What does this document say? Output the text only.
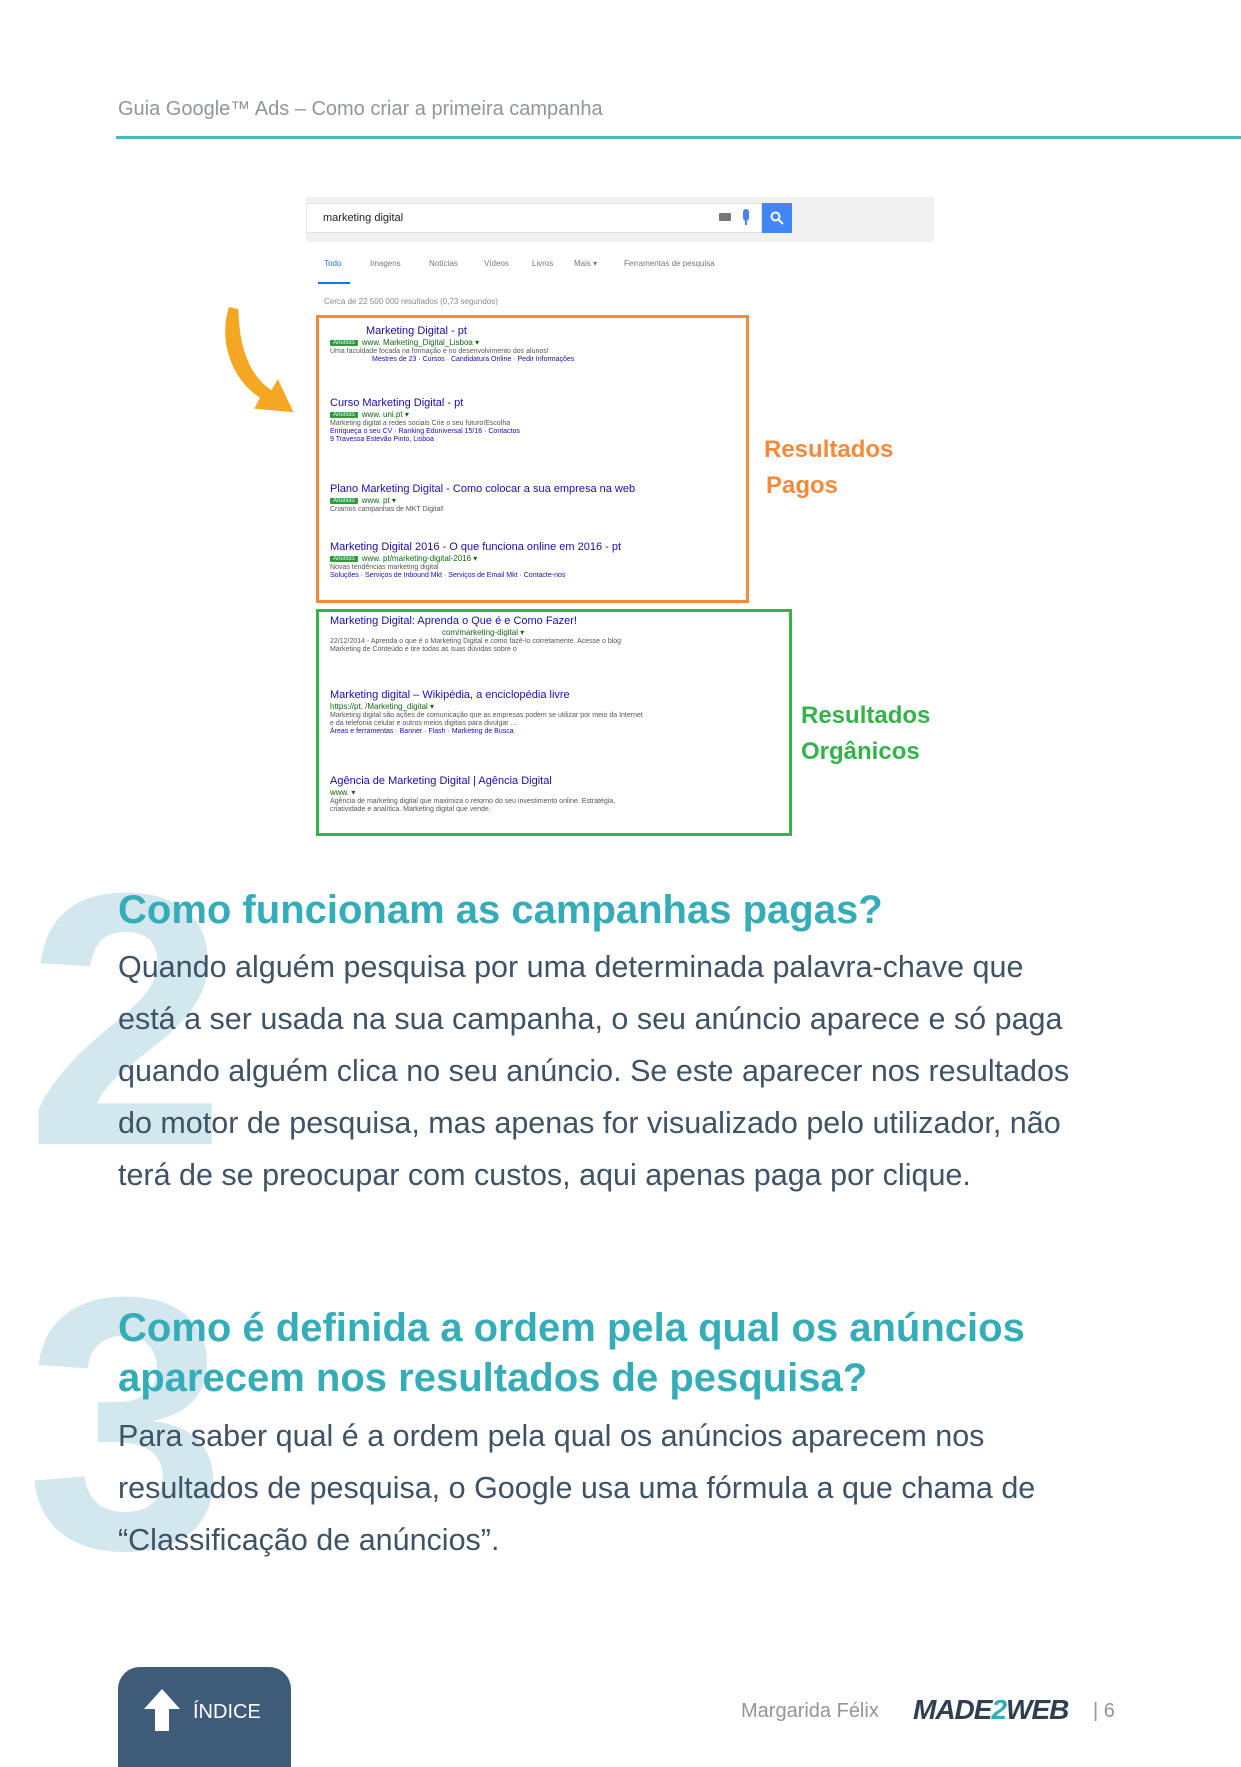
Guia Google™ Ads – Como criar a primeira campanha
marketing digital
Todo	Imagens	Notícias	Vídeos	Livros	Mais ▾	Ferramentas de pesquisa
Cerca de 22 500 000 resultados (0,73 segundos)
Marketing Digital - pt
Anúncio www. Marketing_Digital_Lisboa ▾
Uma faculdade focada na formação e no desenvolvimento dos alunos!
Mestres de 23 · Cursos · Candidatura Online · Pedir Informações
Curso Marketing Digital - pt
Anúncio www. uni.pt ▾
Marketing digital a redes sociais Crie o seu futuro!Escolha
Enriqueça o seu CV · Ranking Eduniversal 15/16 · Contactos
9 Travessa Estevão Pinto, Lisboa
Plano Marketing Digital - Como colocar a sua empresa na web
Anúncio www. pt ▾
Criamos campanhas de MKT Digital!
Marketing Digital 2016 - O que funciona online em 2016 - pt
Anúncio www. pt/marketing-digital-2016 ▾
Novas tendências marketing digital
Soluções · Serviços de Inbound Mkt · Serviços de Email Mkt · Contacte-nos
Marketing Digital: Aprenda o Que é e Como Fazer!
com/marketing-digital ▾
22/12/2014 - Aprenda o que é o Marketing Digital e como fazê-lo corretamente. Acesse o blog
Marketing de Conteúdo e tire todas as suas dúvidas sobre o
Marketing digital – Wikipédia, a enciclopédia livre
https://pt. /Marketing_digital ▾
Marketing digital são ações de comunicação que as empresas podem se utilizar por meio da Internet
e da telefonia celular e outros meios digitais para divulgar ...
Áreas e ferramentas · Banner · Flash · Marketing de Busca
Agência de Marketing Digital | Agência Digital
www. ▾
Agência de marketing digital que maximiza o retorno do seu investimento online. Estratégia,
criatividade e analítica. Marketing digital que vende.
Resultados
Pagos
Resultados
Orgânicos
2
Como funcionam as campanhas pagas?
Quando alguém pesquisa por uma determinada palavra-chave que
está a ser usada na sua campanha, o seu anúncio aparece e só paga
quando alguém clica no seu anúncio. Se este aparecer nos resultados
do motor de pesquisa, mas apenas for visualizado pelo utilizador, não
terá de se preocupar com custos, aqui apenas paga por clique.
3
Como é definida a ordem pela qual os anúncios
aparecem nos resultados de pesquisa?
Para saber qual é a ordem pela qual os anúncios aparecem nos
resultados de pesquisa, o Google usa uma fórmula a que chama de
“Classificação de anúncios”.
ÍNDICE	Margarida Félix MADE2WEB | 6
